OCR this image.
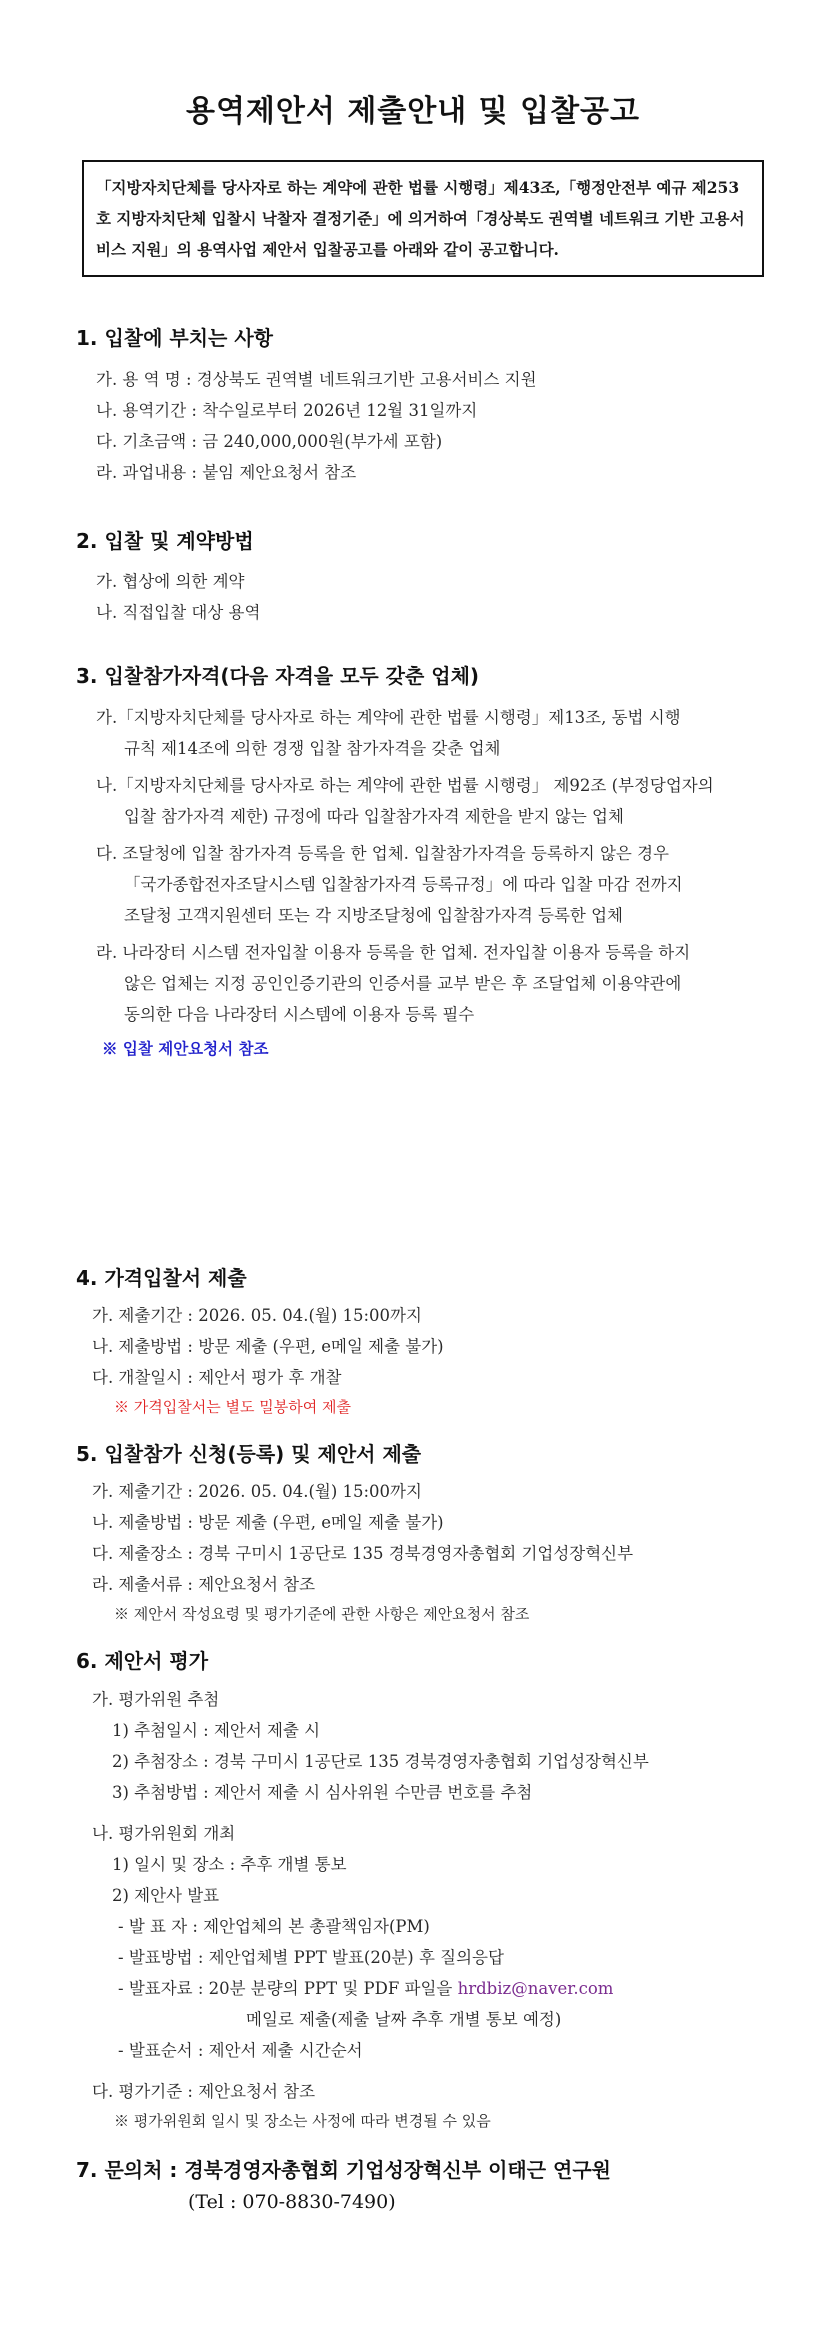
용역제안서 제출안내 및 입찰공고
「지방자치단체를 당사자로 하는 계약에 관한 법률 시행령」제43조,「행정안전부 예규 제253호 지방자치단체 입찰시 낙찰자 결정기준」에 의거하여「경상북도 권역별 네트워크 기반 고용서비스 지원」의 용역사업 제안서 입찰공고를 아래와 같이 공고합니다.
1. 입찰에 부치는 사항
가. 용 역 명 : 경상북도 권역별 네트워크기반 고용서비스 지원
나. 용역기간 : 착수일로부터 2026년 12월 31일까지
다. 기초금액 : 금 240,000,000원(부가세 포함)
라. 과업내용 : 붙임 제안요청서 참조
2. 입찰 및 계약방법
가. 협상에 의한 계약
나. 직접입찰 대상 용역
3. 입찰참가자격(다음 자격을 모두 갖춘 업체)
가.「지방자치단체를 당사자로 하는 계약에 관한 법률 시행령」제13조, 동법 시행
규칙 제14조에 의한 경쟁 입찰 참가자격을 갖춘 업체
나.「지방자치단체를 당사자로 하는 계약에 관한 법률 시행령」 제92조 (부정당업자의
입찰 참가자격 제한) 규정에 따라 입찰참가자격 제한을 받지 않는 업체
다. 조달청에 입찰 참가자격 등록을 한 업체. 입찰참가자격을 등록하지 않은 경우
「국가종합전자조달시스템 입찰참가자격 등록규정」에 따라 입찰 마감 전까지
조달청 고객지원센터 또는 각 지방조달청에 입찰참가자격 등록한 업체
라. 나라장터 시스템 전자입찰 이용자 등록을 한 업체. 전자입찰 이용자 등록을 하지
않은 업체는 지정 공인인증기관의 인증서를 교부 받은 후 조달업체 이용약관에
동의한 다음 나라장터 시스템에 이용자 등록 필수
※ 입찰 제안요청서 참조
4. 가격입찰서 제출
가. 제출기간 : 2026. 05. 04.(월) 15:00까지
나. 제출방법 : 방문 제출 (우편, e메일 제출 불가)
다. 개찰일시 : 제안서 평가 후 개찰
※ 가격입찰서는 별도 밀봉하여 제출
5. 입찰참가 신청(등록) 및 제안서 제출
가. 제출기간 : 2026. 05. 04.(월) 15:00까지
나. 제출방법 : 방문 제출 (우편, e메일 제출 불가)
다. 제출장소 : 경북 구미시 1공단로 135 경북경영자총협회 기업성장혁신부
라. 제출서류 : 제안요청서 참조
※ 제안서 작성요령 및 평가기준에 관한 사항은 제안요청서 참조
6. 제안서 평가
가. 평가위원 추첨
1) 추첨일시 : 제안서 제출 시
2) 추첨장소 : 경북 구미시 1공단로 135 경북경영자총협회 기업성장혁신부
3) 추첨방법 : 제안서 제출 시 심사위원 수만큼 번호를 추첨
나. 평가위원회 개최
1) 일시 및 장소 : 추후 개별 통보
2) 제안사 발표
- 발 표 자 : 제안업체의 본 총괄책임자(PM)
- 발표방법 : 제안업체별 PPT 발표(20분) 후 질의응답
- 발표자료 : 20분 분량의 PPT 및 PDF 파일을 hrdbiz@naver.com
메일로 제출(제출 날짜 추후 개별 통보 예정)
- 발표순서 : 제안서 제출 시간순서
다. 평가기준 : 제안요청서 참조
※ 평가위원회 일시 및 장소는 사정에 따라 변경될 수 있음
7. 문의처 : 경북경영자총협회 기업성장혁신부 이태근 연구원
(Tel : 070-8830-7490)
